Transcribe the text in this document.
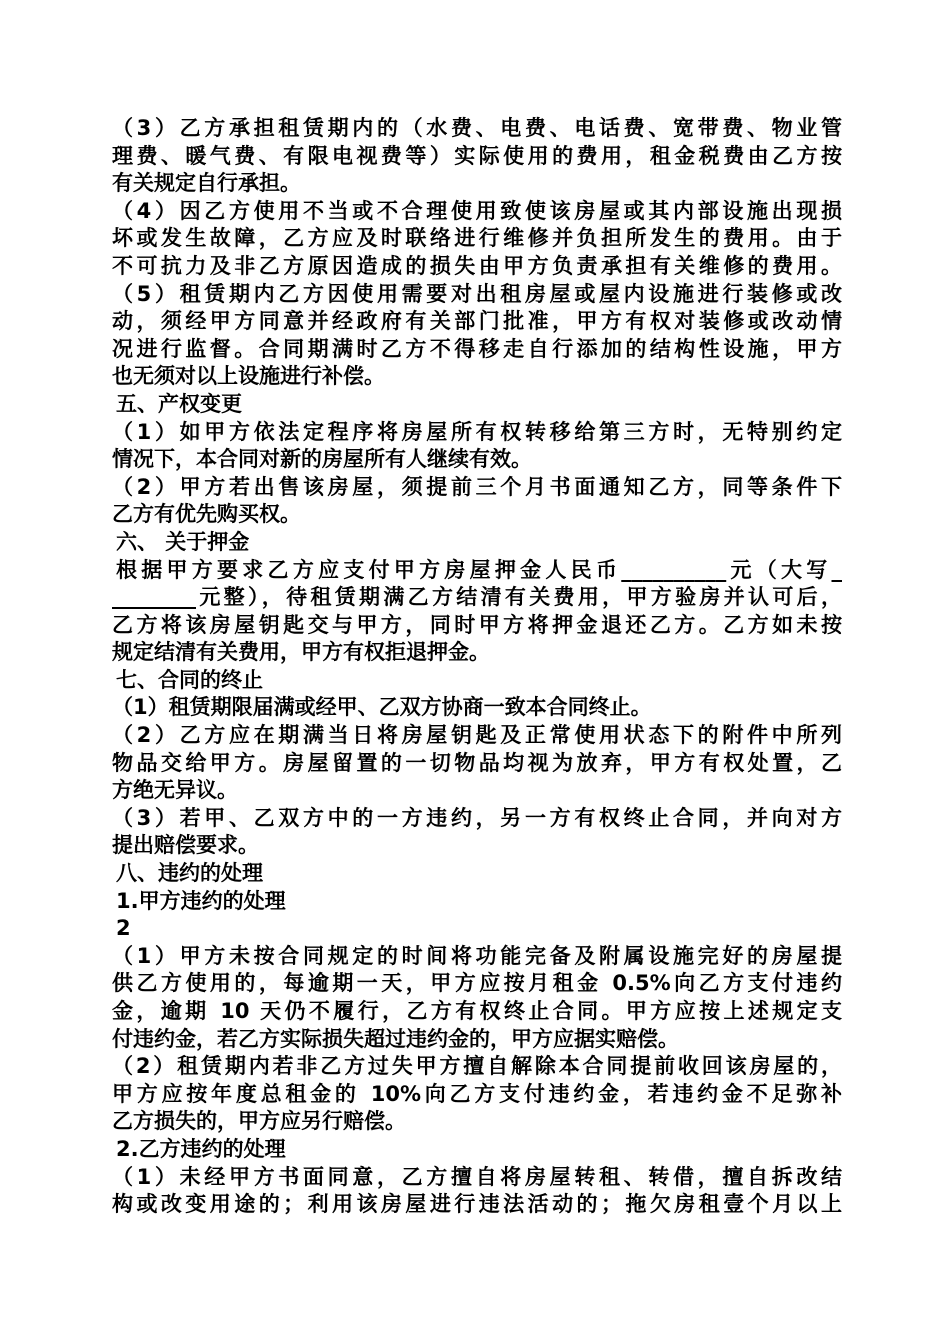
（3）乙方承担租赁期内的（水费、电费、电话费、宽带费、物业管
理费、暖气费、有限电视费等）实际使用的费用，租金税费由乙方按
有关规定自行承担。
（4）因乙方使用不当或不合理使用致使该房屋或其内部设施出现损
坏或发生故障，乙方应及时联络进行维修并负担所发生的费用。由于
不可抗力及非乙方原因造成的损失由甲方负责承担有关维修的费用。
（5）租赁期内乙方因使用需要对出租房屋或屋内设施进行装修或改
动，须经甲方同意并经政府有关部门批准，甲方有权对装修或改动情
况进行监督。合同期满时乙方不得移走自行添加的结构性设施，甲方
也无须对以上设施进行补偿。
五、产权变更
（1）如甲方依法定程序将房屋所有权转移给第三方时，无特别约定
情况下，本合同对新的房屋所有人继续有效。
（2）甲方若出售该房屋，须提前三个月书面通知乙方，同等条件下
乙方有优先购买权。
六、 关于押金
根据甲方要求乙方应支付甲方房屋押金人民币__________元（大写_
________元整），待租赁期满乙方结清有关费用，甲方验房并认可后，
乙方将该房屋钥匙交与甲方，同时甲方将押金退还乙方。乙方如未按
规定结清有关费用，甲方有权拒退押金。
七、合同的终止
（1）租赁期限届满或经甲、乙双方协商一致本合同终止。
（2）乙方应在期满当日将房屋钥匙及正常使用状态下的附件中所列
物品交给甲方。房屋留置的一切物品均视为放弃，甲方有权处置，乙
方绝无异议。
（3）若甲、乙双方中的一方违约，另一方有权终止合同，并向对方
提出赔偿要求。
八、违约的处理
1.甲方违约的处理
2
（1）甲方未按合同规定的时间将功能完备及附属设施完好的房屋提
供乙方使用的，每逾期一天，甲方应按月租金 0.5%向乙方支付违约
金，逾期 10 天仍不履行，乙方有权终止合同。甲方应按上述规定支
付违约金，若乙方实际损失超过违约金的，甲方应据实赔偿。
（2）租赁期内若非乙方过失甲方擅自解除本合同提前收回该房屋的，
甲方应按年度总租金的 10%向乙方支付违约金，若违约金不足弥补
乙方损失的，甲方应另行赔偿。
2.乙方违约的处理
（1）未经甲方书面同意，乙方擅自将房屋转租、转借，擅自拆改结
构或改变用途的；利用该房屋进行违法活动的；拖欠房租壹个月以上
